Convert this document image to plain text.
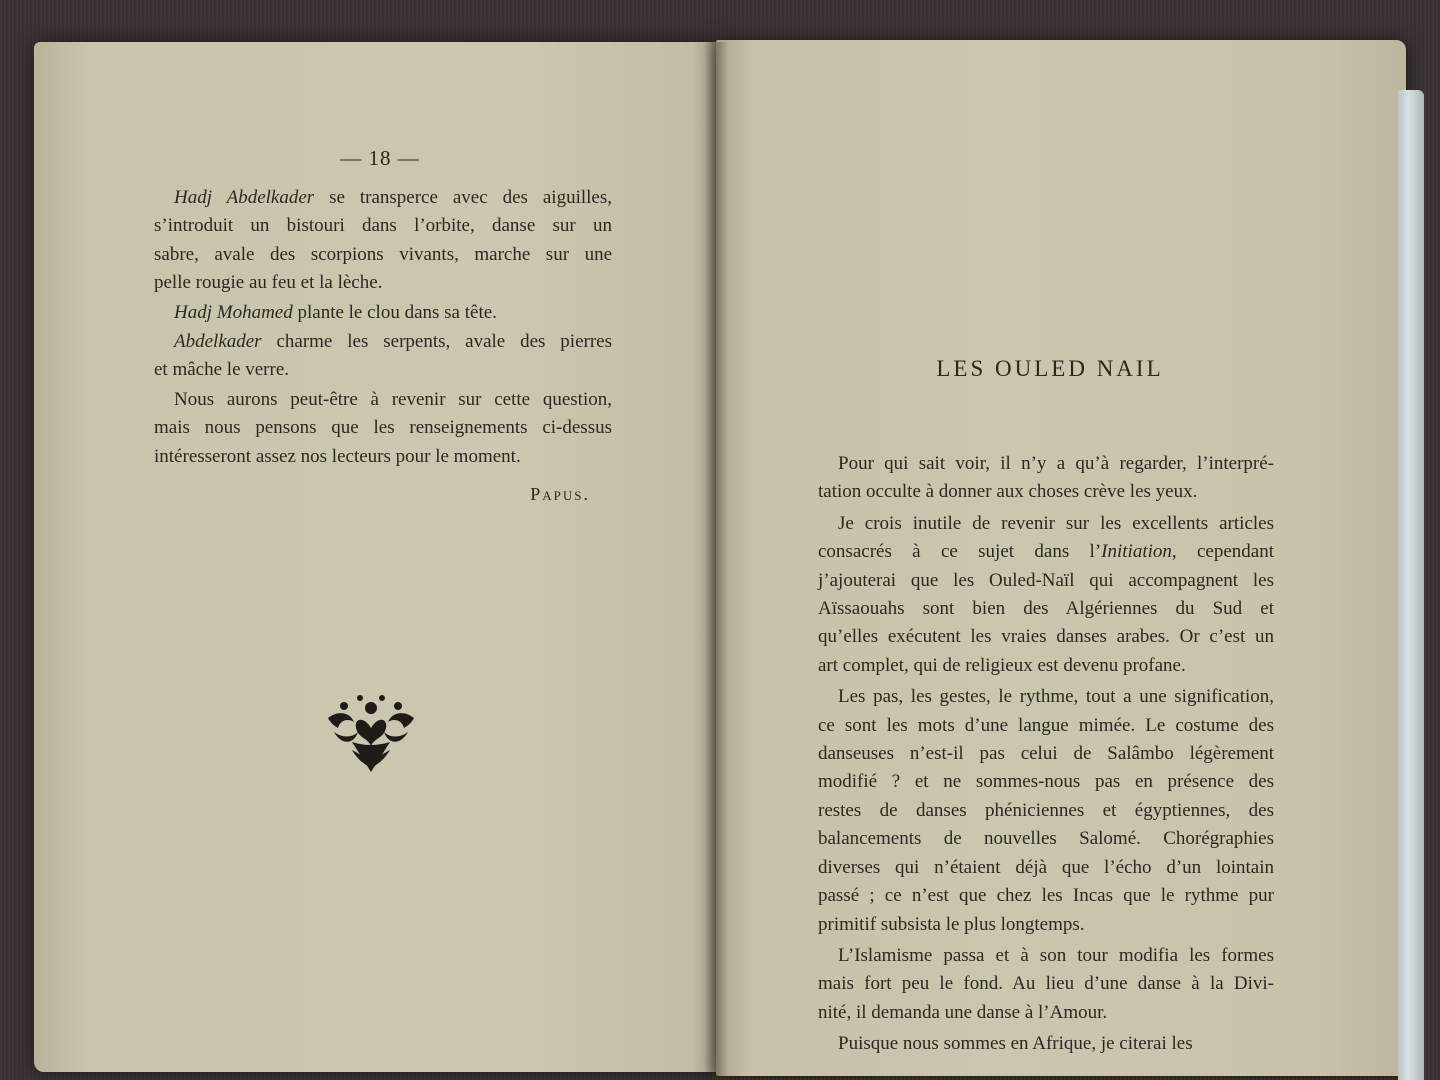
— 18 —

Hadj Abdelkader se transperce avec des aiguilles,
s’introduit un bistouri dans l’orbite, danse sur un
sabre, avale des scorpions vivants, marche sur une
pelle rougie au feu et la lèche.

Hadj Mohamed plante le clou dans sa tête.

Abdelkader charme les serpents, avale des pierres
et mâche le verre.

Nous aurons peut-être à revenir sur cette question,
mais nous pensons que les renseignements ci-dessus
intéresseront assez nos lecteurs pour le moment.

Papus.
LES OULED NAIL

Pour qui sait voir, il n’y a qu’à regarder, l’interpré-
tation occulte à donner aux choses crève les yeux.

Je crois inutile de revenir sur les excellents articles
consacrés à ce sujet dans l’Initiation, cependant
j’ajouterai que les Ouled-Naïl qui accompagnent les
Aïssaouahs sont bien des Algériennes du Sud et
qu’elles exécutent les vraies danses arabes. Or c’est un
art complet, qui de religieux est devenu profane.

Les pas, les gestes, le rythme, tout a une signification,
ce sont les mots d’une langue mimée. Le costume des
danseuses n’est-il pas celui de Salâmbo légèrement
modifié ? et ne sommes-nous pas en présence des
restes de danses phéniciennes et égyptiennes, des
balancements de nouvelles Salomé. Chorégraphies
diverses qui n’étaient déjà que l’écho d’un lointain
passé ; ce n’est que chez les Incas que le rythme pur
primitif subsista le plus longtemps.

L’Islamisme passa et à son tour modifia les formes
mais fort peu le fond. Au lieu d’une danse à la Divi-
nité, il demanda une danse à l’Amour.

Puisque nous sommes en Afrique, je citerai les
